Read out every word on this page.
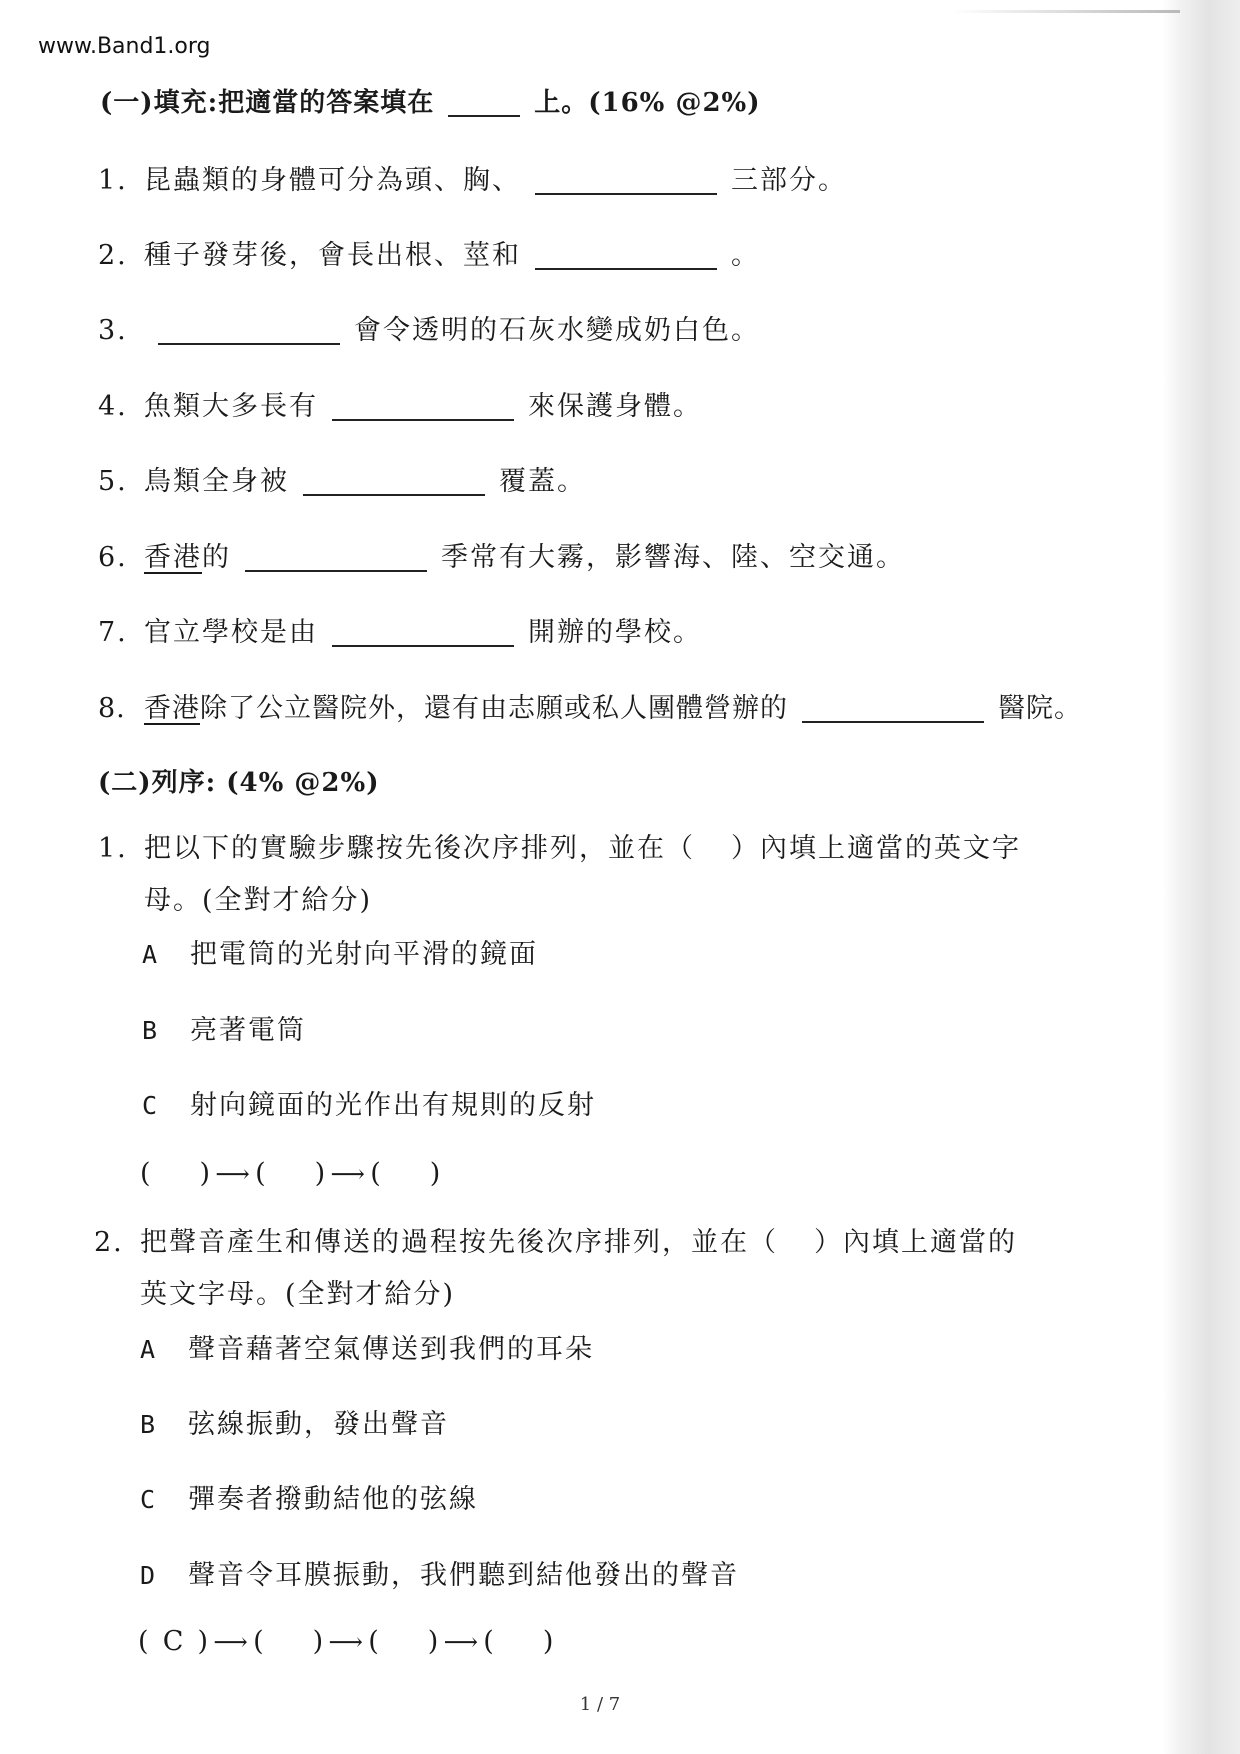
www.Band1.org
(一)填充:把適當的答案填在	上。(16% @2%)
1. 昆蟲類的身體可分為頭、胸、	三部分。
2. 種子發芽後，會長出根、莖和	。
3.	會令透明的石灰水變成奶白色。
4. 魚類大多長有	來保護身體。
5. 鳥類全身被	覆蓋。
6. 香港的	季常有大霧，影響海、陸、空交通。
7. 官立學校是由	開辦的學校。
8. 香港除了公立醫院外，還有由志願或私人團體營辦的	醫院。
(二)列序: (4% @2%)
1. 把以下的實驗步驟按先後次序排列，並在（ ）內填上適當的英文字
母。(全對才給分)
A 把電筒的光射向平滑的鏡面
B 亮著電筒
C 射向鏡面的光作出有規則的反射
( ) ⟶ ( ) ⟶ ( )
2. 把聲音產生和傳送的過程按先後次序排列，並在（ ）內填上適當的
英文字母。(全對才給分)
A 聲音藉著空氣傳送到我們的耳朵
B 弦線振動，發出聲音
C 彈奏者撥動結他的弦線
D 聲音令耳膜振動，我們聽到結他發出的聲音
( C ) ⟶ ( ) ⟶ ( ) ⟶ ( )
1 / 7
